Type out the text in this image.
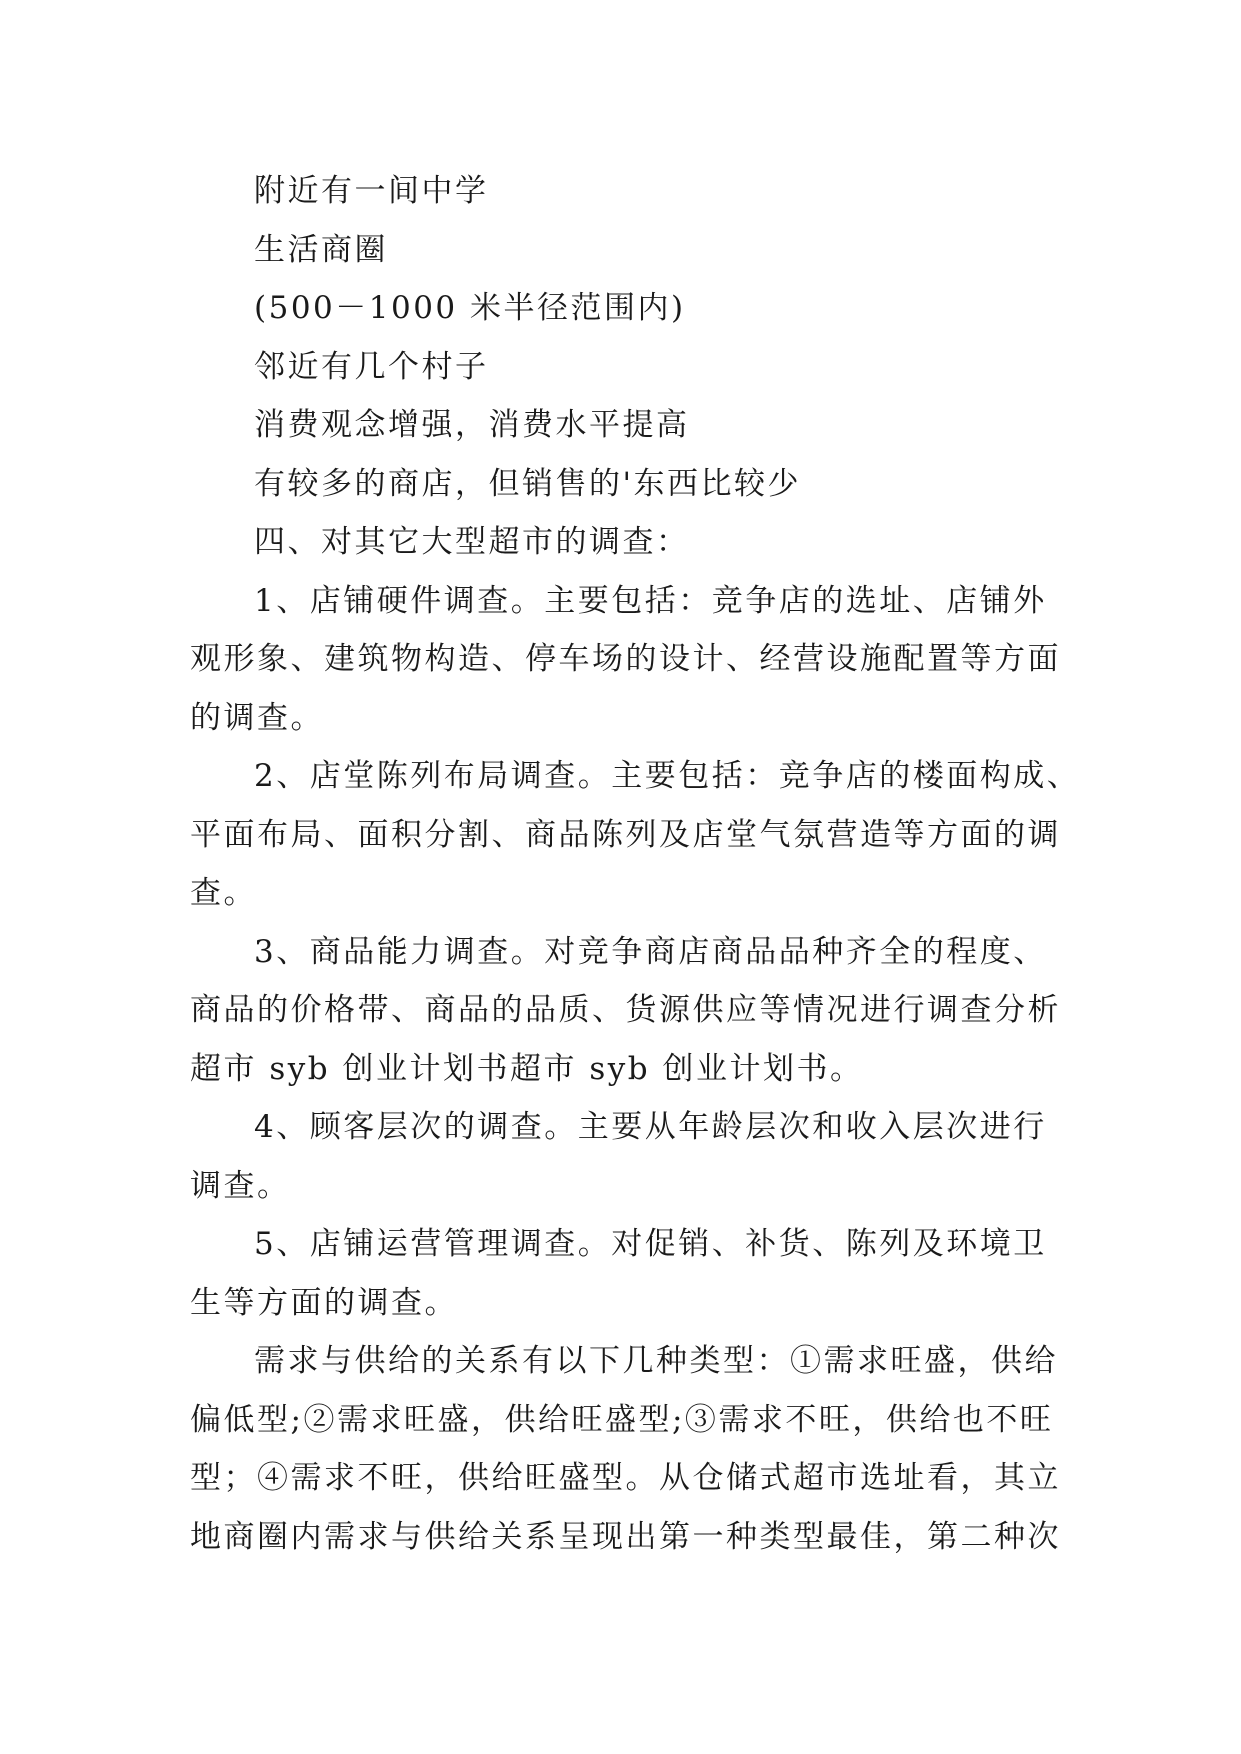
附近有一间中学
生活商圈
(500－1000 米半径范围内)
邻近有几个村子
消费观念增强，消费水平提高
有较多的商店，但销售的'东西比较少
四、对其它大型超市的调查：
1、店铺硬件调查。主要包括：竞争店的选址、店铺外
观形象、建筑物构造、停车场的设计、经营设施配置等方面
的调查。
2、店堂陈列布局调查。主要包括：竞争店的楼面构成、
平面布局、面积分割、商品陈列及店堂气氛营造等方面的调
查。
3、商品能力调查。对竞争商店商品品种齐全的程度、
商品的价格带、商品的品质、货源供应等情况进行调查分析
超市 syb 创业计划书超市 syb 创业计划书。
4、顾客层次的调查。主要从年龄层次和收入层次进行
调查。
5、店铺运营管理调查。对促销、补货、陈列及环境卫
生等方面的调查。
需求与供给的关系有以下几种类型：①需求旺盛，供给
偏低型;②需求旺盛，供给旺盛型;③需求不旺，供给也不旺
型；④需求不旺，供给旺盛型。从仓储式超市选址看，其立
地商圈内需求与供给关系呈现出第一种类型最佳，第二种次
